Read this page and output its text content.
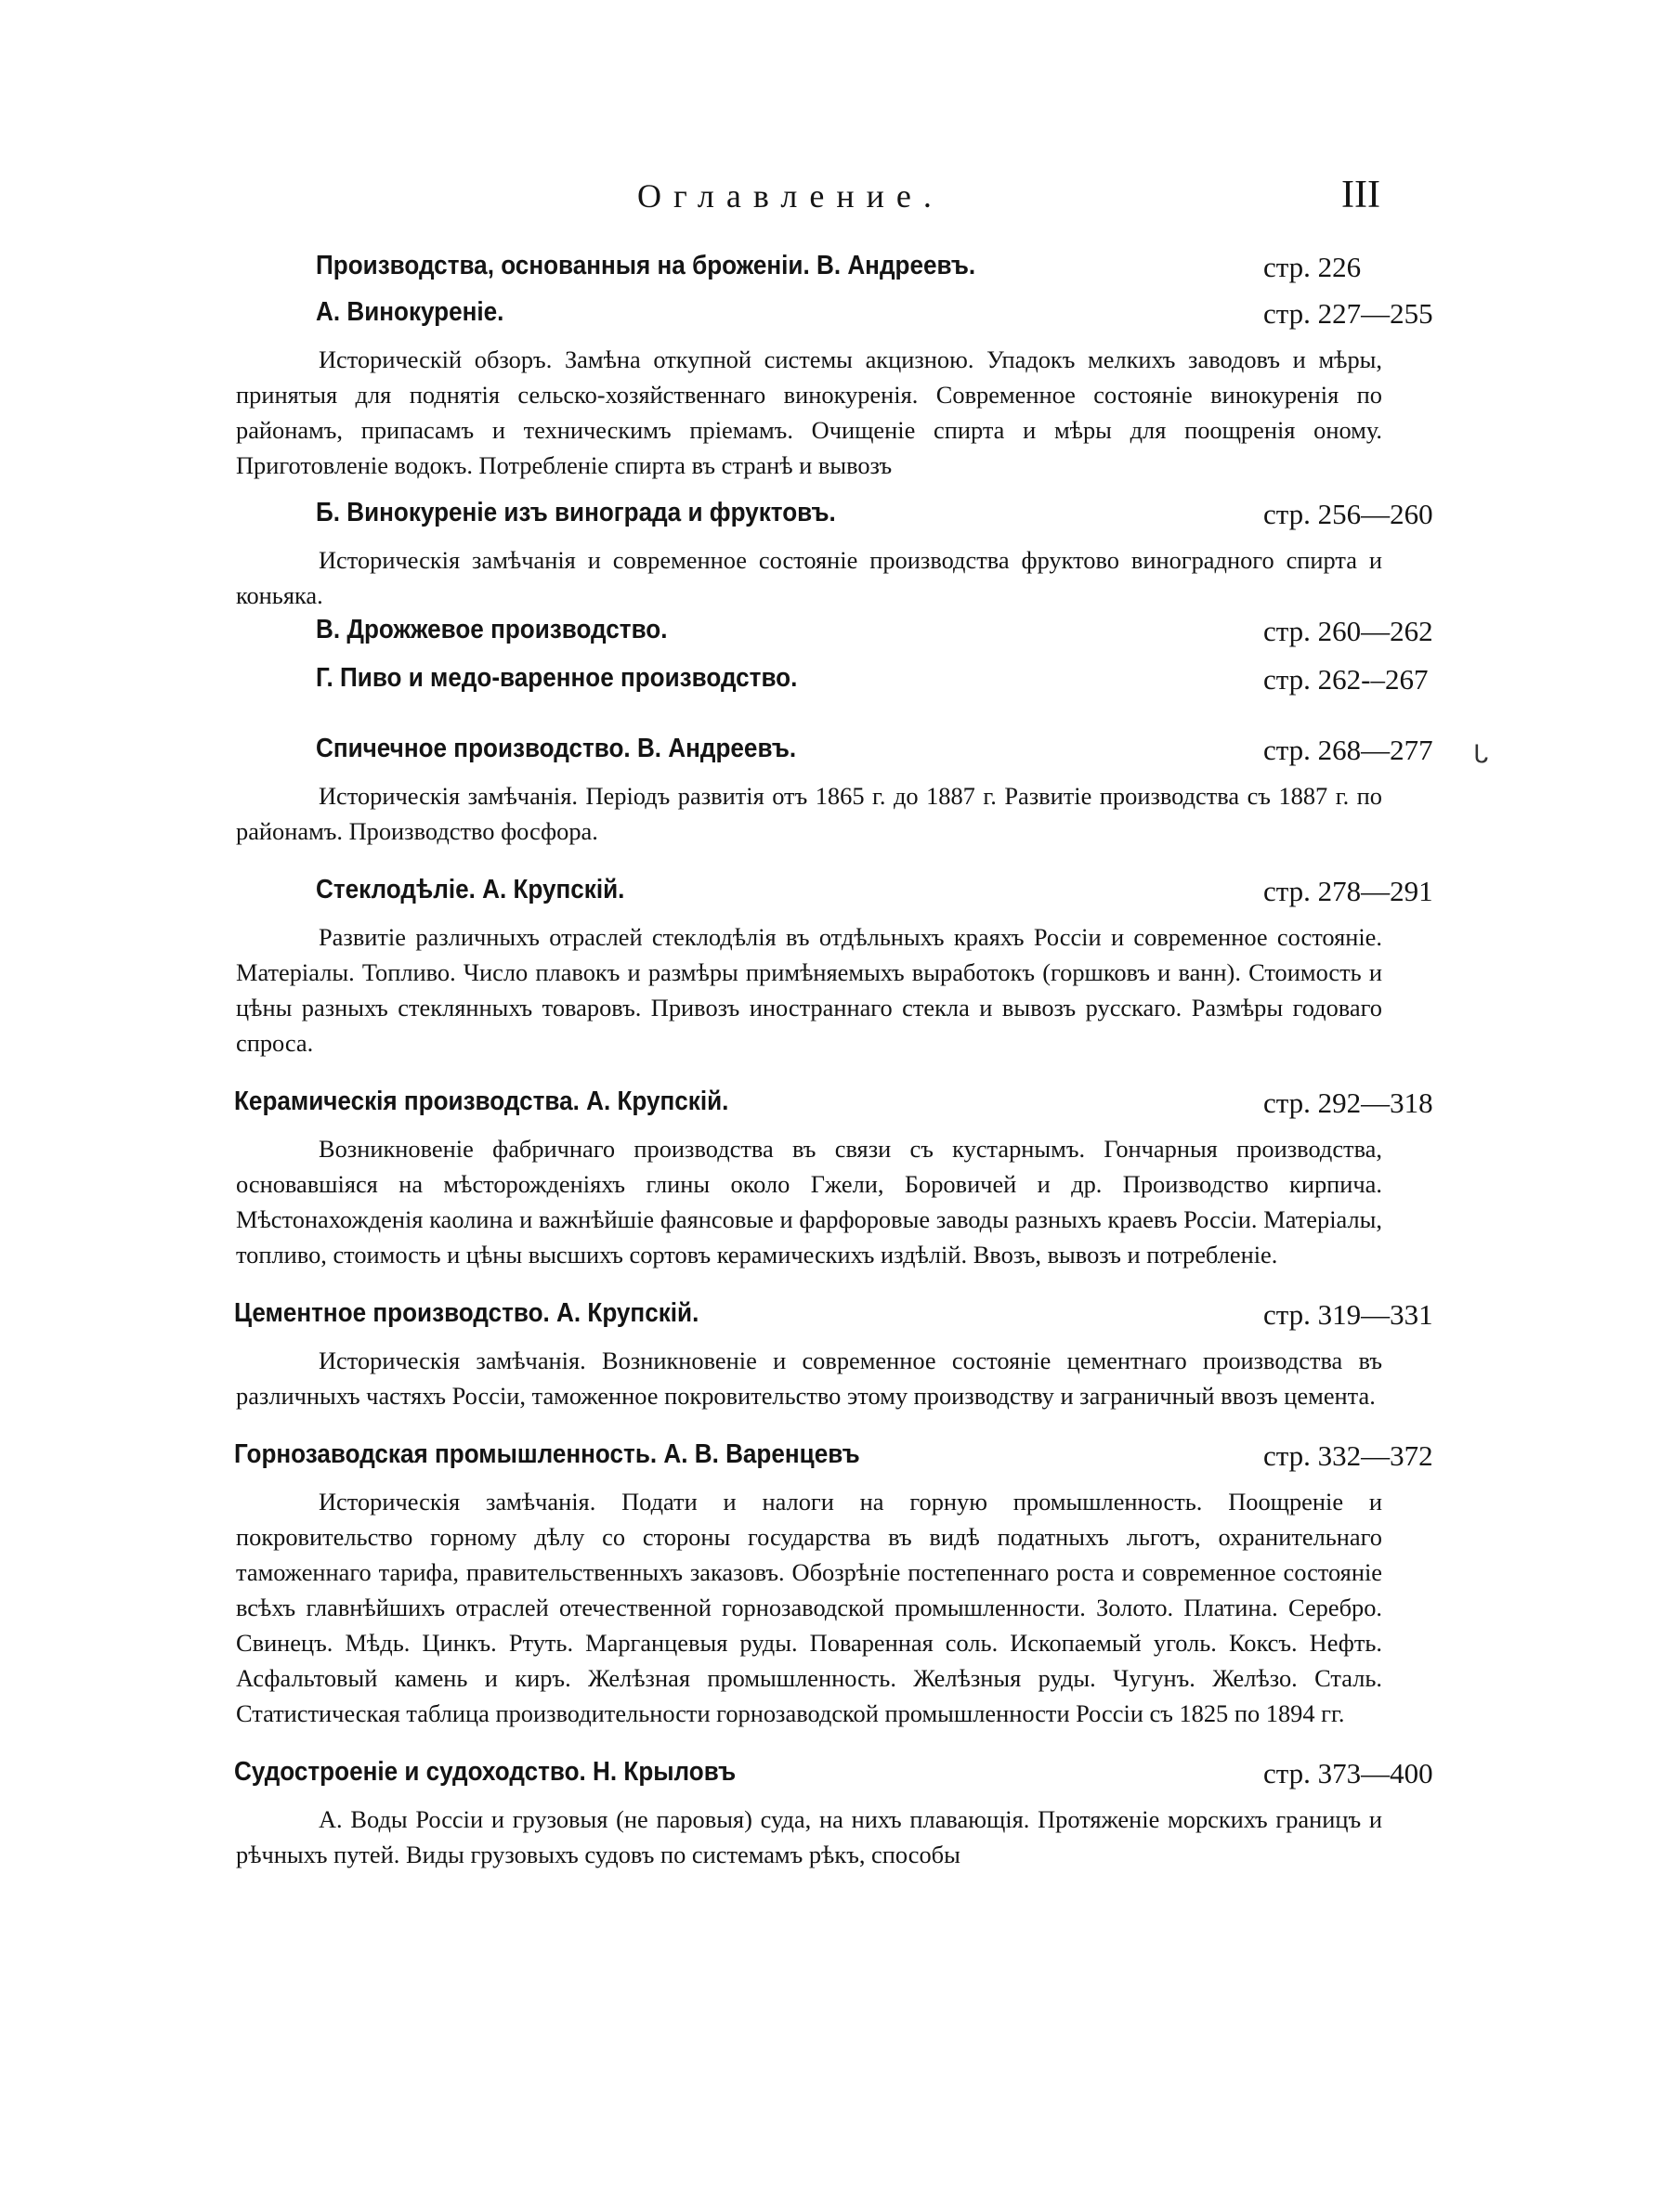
Оглавление.	III
Производства, основанныя на броженіи. В. Андреевъ.	стр. 226
А. Винокуреніе.	стр. 227—255

Историческій обзоръ. Замѣна откупной системы акцизною. Упадокъ мелкихъ заводовъ и мѣры, принятыя для поднятія сельско-хозяйственнаго винокуренія. Современное состояніе винокуренія по районамъ, припасамъ и техническимъ пріемамъ. Очищеніе спирта и мѣры для поощренія оному. Приготовленіе водокъ. Потребленіе спирта въ странѣ и вывозъ

Б. Винокуреніе изъ винограда и фруктовъ.	стр. 256—260

Историческія замѣчанія и современное состояніе производства фруктово виноградного спирта и коньяка.

В. Дрожжевое производство.	стр. 260—262
Г. Пиво и медо-варенное производство.	стр. 262-–267
Спичечное производство. В. Андреевъ.	стр. 268—277 ᒐ

Историческія замѣчанія. Періодъ развитія отъ 1865 г. до 1887 г. Развитіе производства съ 1887 г. по районамъ. Производство фосфора.

Стеклодѣліе. А. Крупскій.	стр. 278—291

Развитіе различныхъ отраслей стеклодѣлія въ отдѣльныхъ краяхъ Россіи и современное состояніе. Матеріалы. Топливо. Число плавокъ и размѣры примѣняемыхъ выработокъ (горшковъ и ванн). Стоимость и цѣны разныхъ стеклянныхъ товаровъ. Привозъ иностраннаго стекла и вывозъ русскаго. Размѣры годоваго спроса.

Керамическія производства. А. Крупскій.	стр. 292—318

Возникновеніе фабричнаго производства въ связи съ кустарнымъ. Гончарныя производства, основавшіяся на мѣсторожденіяхъ глины около Гжели, Боровичей и др. Производство кирпича. Мѣстонахожденія каолина и важнѣйшіе фаянсовые и фарфоровые заводы разныхъ краевъ Россіи. Матеріалы, топливо, стоимость и цѣны высшихъ сортовъ керамическихъ издѣлій. Ввозъ, вывозъ и потребленіе.

Цементное производство. А. Крупскій.	стр. 319—331

Историческія замѣчанія. Возникновеніе и современное состояніе цементнаго производства въ различныхъ частяхъ Россіи, таможенное покровительство этому производству и заграничный ввозъ цемента.

Горнозаводская промышленность. А. В. Варенцевъ	стр. 332—372

Историческія замѣчанія. Подати и налоги на горную промышленность. Поощреніе и покровительство горному дѣлу со стороны государства въ видѣ податныхъ льготъ, охранительнаго таможеннаго тарифа, правительственныхъ заказовъ. Обозрѣніе постепеннаго роста и современное состояніе всѣхъ главнѣйшихъ отраслей отечественной горнозаводской промышленности. Золото. Платина. Серебро. Свинецъ. Мѣдь. Цинкъ. Ртуть. Марганцевыя руды. Поваренная соль. Ископаемый уголь. Коксъ. Нефть. Асфальтовый камень и киръ. Желѣзная промышленность. Желѣзныя руды. Чугунъ. Желѣзо. Сталь. Статистическая таблица производительности горнозаводской промышленности Россіи съ 1825 по 1894 гг.

Судостроеніе и судоходство. Н. Крыловъ	стр. 373—400

А. Воды Россіи и грузовыя (не паровыя) суда, на нихъ плавающія. Протяженіе морскихъ границъ и рѣчныхъ путей. Виды грузовыхъ судовъ по системамъ рѣкъ, способы
